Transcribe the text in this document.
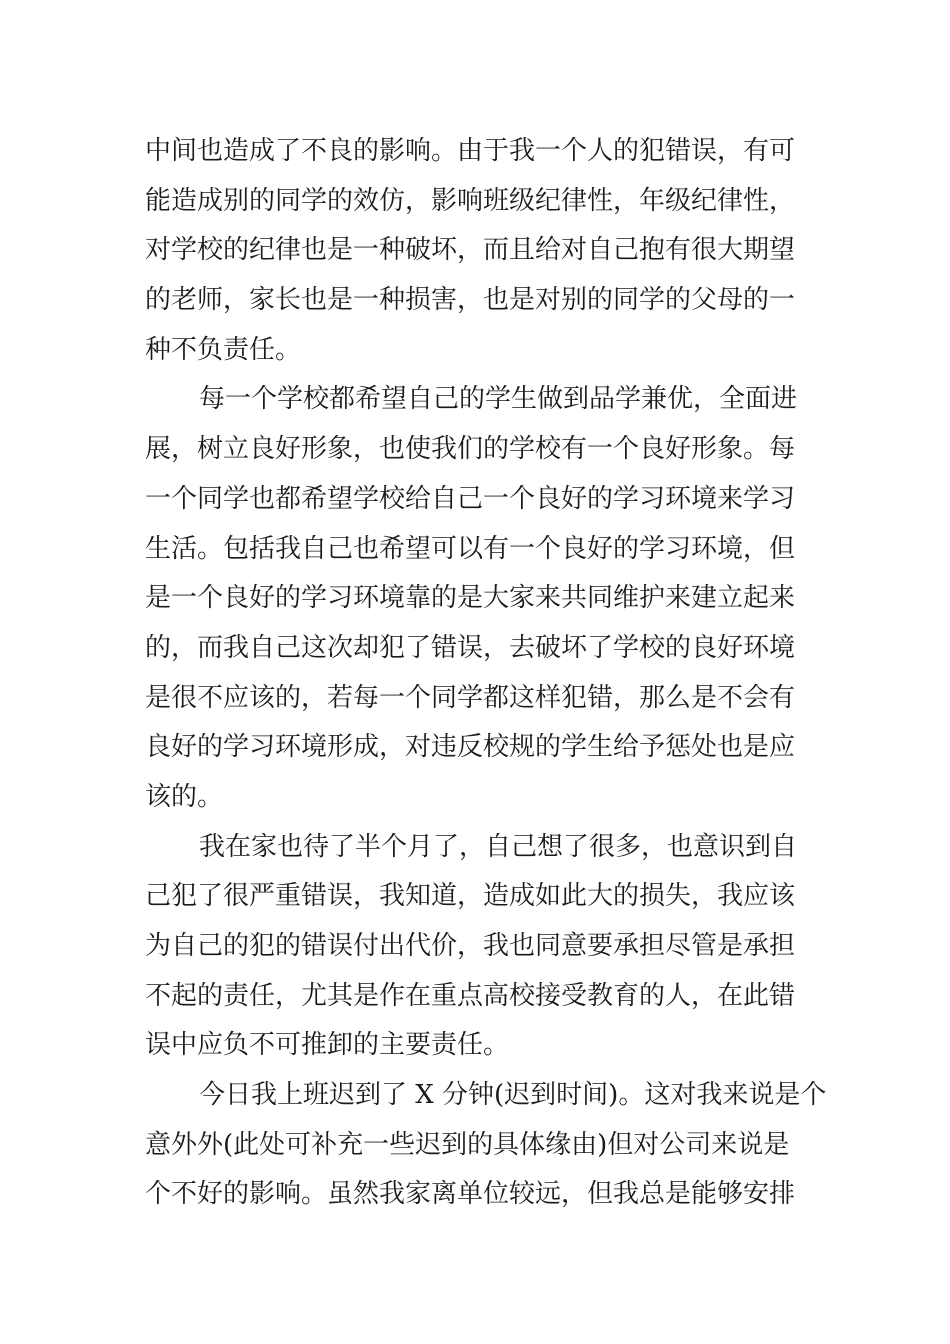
中间也造成了不良的影响。由于我一个人的犯错误，有可
能造成别的同学的效仿，影响班级纪律性，年级纪律性，
对学校的纪律也是一种破坏，而且给对自己抱有很大期望
的老师，家长也是一种损害，也是对别的同学的父母的一
种不负责任。
每一个学校都希望自己的学生做到品学兼优，全面进
展，树立良好形象，也使我们的学校有一个良好形象。每
一个同学也都希望学校给自己一个良好的学习环境来学习
生活。包括我自己也希望可以有一个良好的学习环境，但
是一个良好的学习环境靠的是大家来共同维护来建立起来
的，而我自己这次却犯了错误，去破坏了学校的良好环境
是很不应该的，若每一个同学都这样犯错，那么是不会有
良好的学习环境形成，对违反校规的学生给予惩处也是应
该的。
我在家也待了半个月了，自己想了很多，也意识到自
己犯了很严重错误，我知道，造成如此大的损失，我应该
为自己的犯的错误付出代价，我也同意要承担尽管是承担
不起的责任，尤其是作在重点高校接受教育的人，在此错
误中应负不可推卸的主要责任。
今日我上班迟到了 X 分钟(迟到时间)。这对我来说是个
意外外(此处可补充一些迟到的具体缘由)但对公司来说是
个不好的影响。虽然我家离单位较远，但我总是能够安排
